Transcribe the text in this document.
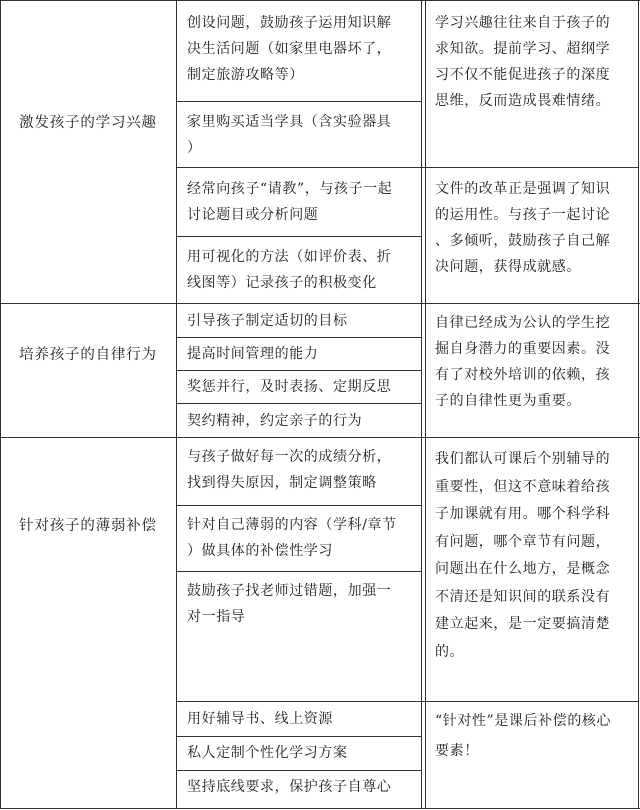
激发孩子的学习兴趣
创设问题，鼓励孩子运用知识解
决生活问题（如家里电器坏了，
制定旅游攻略等）
家里购买适当学具（含实验器具
）
学习兴趣往往来自于孩子的
求知欲。提前学习、超纲学
习不仅不能促进孩子的深度
思维，反而造成畏难情绪。
经常向孩子“请教”，与孩子一起
讨论题目或分析问题
用可视化的方法（如评价表、折
线图等）记录孩子的积极变化
文件的改革正是强调了知识
的运用性。与孩子一起讨论
、多倾听，鼓励孩子自己解
决问题，获得成就感。
培养孩子的自律行为
引导孩子制定适切的目标
提高时间管理的能力
奖惩并行，及时表扬、定期反思
契约精神，约定亲子的行为
自律已经成为公认的学生挖
掘自身潜力的重要因素。没
有了对校外培训的依赖，孩
子的自律性更为重要。
针对孩子的薄弱补偿
与孩子做好每一次的成绩分析，
找到得失原因，制定调整策略
针对自己薄弱的内容（学科/章节
）做具体的补偿性学习
鼓励孩子找老师过错题，加强一
对一指导
我们都认可课后个别辅导的
重要性，但这不意味着给孩
子加课就有用。哪个科学科
有问题，哪个章节有问题，
问题出在什么地方，是概念
不清还是知识间的联系没有
建立起来，是一定要搞清楚
的。
用好辅导书、线上资源
私人定制个性化学习方案
坚持底线要求，保护孩子自尊心
“针对性”是课后补偿的核心
要素！
